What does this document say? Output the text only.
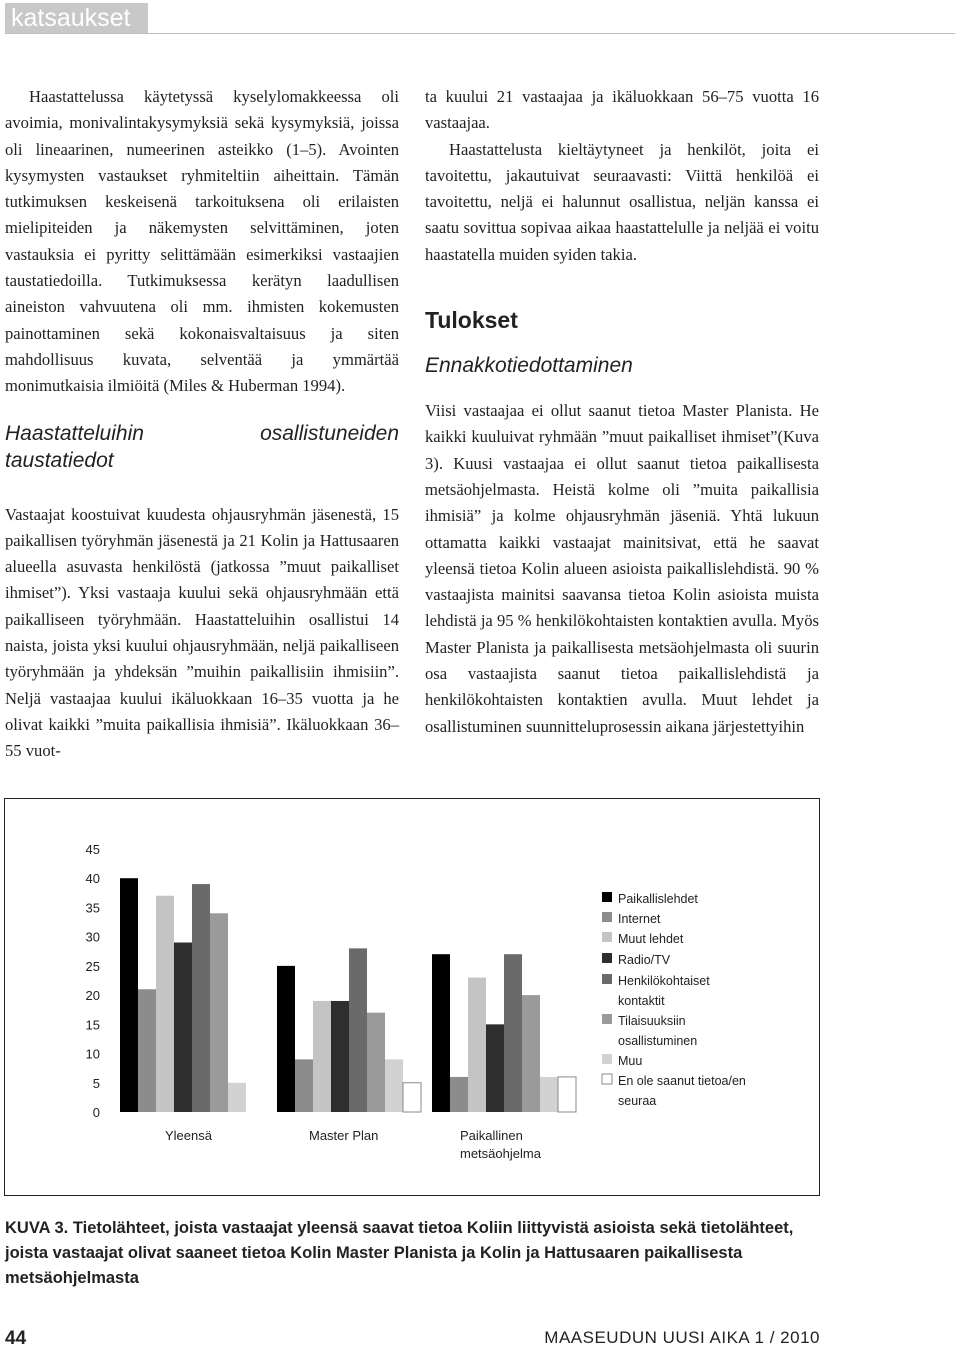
katsaukset

Haastattelussa käytetyssä kyselylomakkeessa oli avoimia, monivalintakysymyksiä sekä kysymyksiä, joissa oli lineaarinen, numeerinen asteikko (1–5). Avointen kysymysten vastaukset ryhmiteltiin aiheittain. Tämän tutkimuksen keskeisenä tarkoituksena oli erilaisten mielipiteiden ja näkemysten selvittäminen, joten vastauksia ei pyritty selittämään esimerkiksi vastaajien taustatiedoilla. Tutkimuksessa kerätyn laadullisen aineiston vahvuutena oli mm. ihmisten kokemusten painottaminen sekä kokonaisvaltaisuus ja siten mahdollisuus kuvata, selventää ja ymmärtää monimutkaisia ilmiöitä (Miles & Huberman 1994).

Haastatteluihin osallistuneiden taustatiedot

Vastaajat koostuivat kuudesta ohjausryhmän jäsenestä, 15 paikallisen työryhmän jäsenestä ja 21 Kolin ja Hattusaaren alueella asuvasta henkilöstä (jatkossa ”muut paikalliset ihmiset”). Yksi vastaaja kuului sekä ohjausryhmään että paikalliseen työryhmään. Haastatteluihin osallistui 14 naista, joista yksi kuului ohjausryhmään, neljä paikalliseen työryhmään ja yhdeksän ”muihin paikallisiin ihmisiin”. Neljä vastaajaa kuului ikäluokkaan 16–35 vuotta ja he olivat kaikki ”muita paikallisia ihmisiä”. Ikäluokkaan 36–55 vuot-

ta kuului 21 vastaajaa ja ikäluokkaan 56–75 vuotta 16 vastaajaa.

Haastattelusta kieltäytyneet ja henkilöt, joita ei tavoitettu, jakautuivat seuraavasti: Viittä henkilöä ei tavoitettu, neljä ei halunnut osallistua, neljän kanssa ei saatu sovittua sopivaa aikaa haastattelulle ja neljää ei voitu haastatella muiden syiden takia.

Tulokset
Ennakkotiedottaminen

Viisi vastaajaa ei ollut saanut tietoa Master Planista. He kaikki kuuluivat ryhmään ”muut paikalliset ihmiset”(Kuva 3). Kuusi vastaajaa ei ollut saanut tietoa paikallisesta metsäohjelmasta. Heistä kolme oli ”muita paikallisia ihmisiä” ja kolme ohjausryhmän jäseniä. Yhtä lukuun ottamatta kaikki vastaajat mainitsivat, että he saavat yleensä tietoa Kolin alueen asioista paikallislehdistä. 90 % vastaajista mainitsi saavansa tietoa Kolin asioista muista lehdistä ja 95 % henkilökohtaisten kontaktien avulla. Myös Master Planista ja paikallisesta metsäohjelmasta oli suurin osa vastaajista saanut tietoa paikallislehdistä ja henkilökohtaisten kontaktien avulla. Muut lehdet ja osallistuminen suunnitteluprosessin aikana järjestettyihin

0
5
10
15
20
25
30
35
40
45
Yleensä	Master Plan	Paikallinen
metsäohjelma
Paikallislehdet
Internet
Muut lehdet
Radio/TV
Henkilökohtaiset kontaktit
Tilaisuuksiin osallistuminen
Muu
En ole saanut tietoa/en seuraa
KUVA 3. Tietolähteet, joista vastaajat yleensä saavat tietoa Koliin liittyvistä asioista sekä tietolähteet, joista vastaajat olivat saaneet tietoa Kolin Master Planista ja Kolin ja Hattusaaren paikallisesta metsäohjelmasta
44	MAASEUDUN UUSI AIKA 1 / 2010
